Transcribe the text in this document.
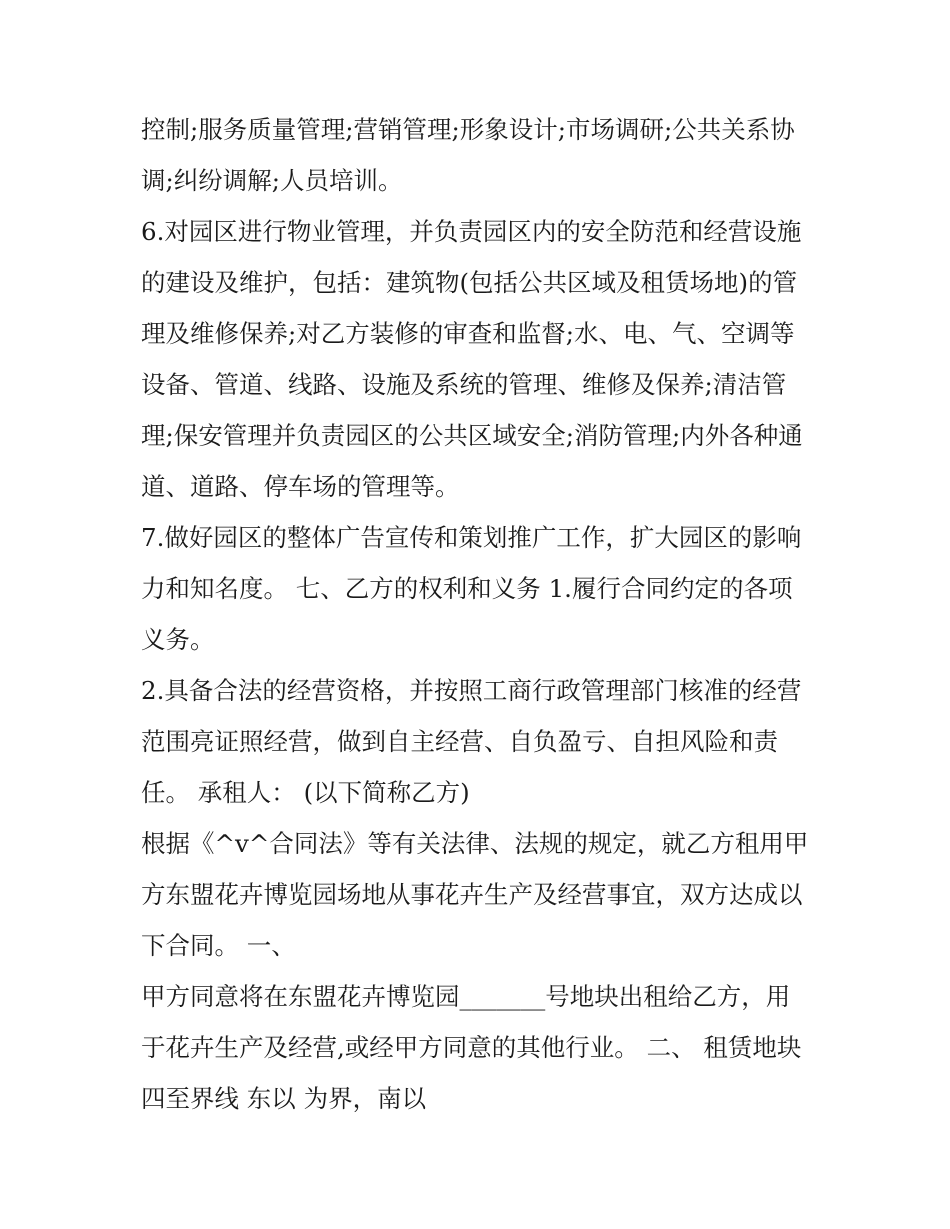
控制;服务质量管理;营销管理;形象设计;市场调研;公共关系协
调;纠纷调解;人员培训。
6.对园区进行物业管理，并负责园区内的安全防范和经营设施
的建设及维护，包括：建筑物(包括公共区域及租赁场地)的管
理及维修保养;对乙方装修的审查和监督;水、电、气、空调等
设备、管道、线路、设施及系统的管理、维修及保养;清洁管
理;保安管理并负责园区的公共区域安全;消防管理;内外各种通
道、道路、停车场的管理等。
7.做好园区的整体广告宣传和策划推广工作，扩大园区的影响
力和知名度。 七、乙方的权利和义务 1.履行合同约定的各项
义务。
2.具备合法的经营资格，并按照工商行政管理部门核准的经营
范围亮证照经营，做到自主经营、自负盈亏、自担风险和责
任。 承租人： (以下简称乙方)
根据《^v^合同法》等有关法律、法规的规定，就乙方租用甲
方东盟花卉博览园场地从事花卉生产及经营事宜，双方达成以
下合同。 一、
甲方同意将在东盟花卉博览园_______号地块出租给乙方，用
于花卉生产及经营,或经甲方同意的其他行业。 二、 租赁地块
四至界线 东以 为界，南以
